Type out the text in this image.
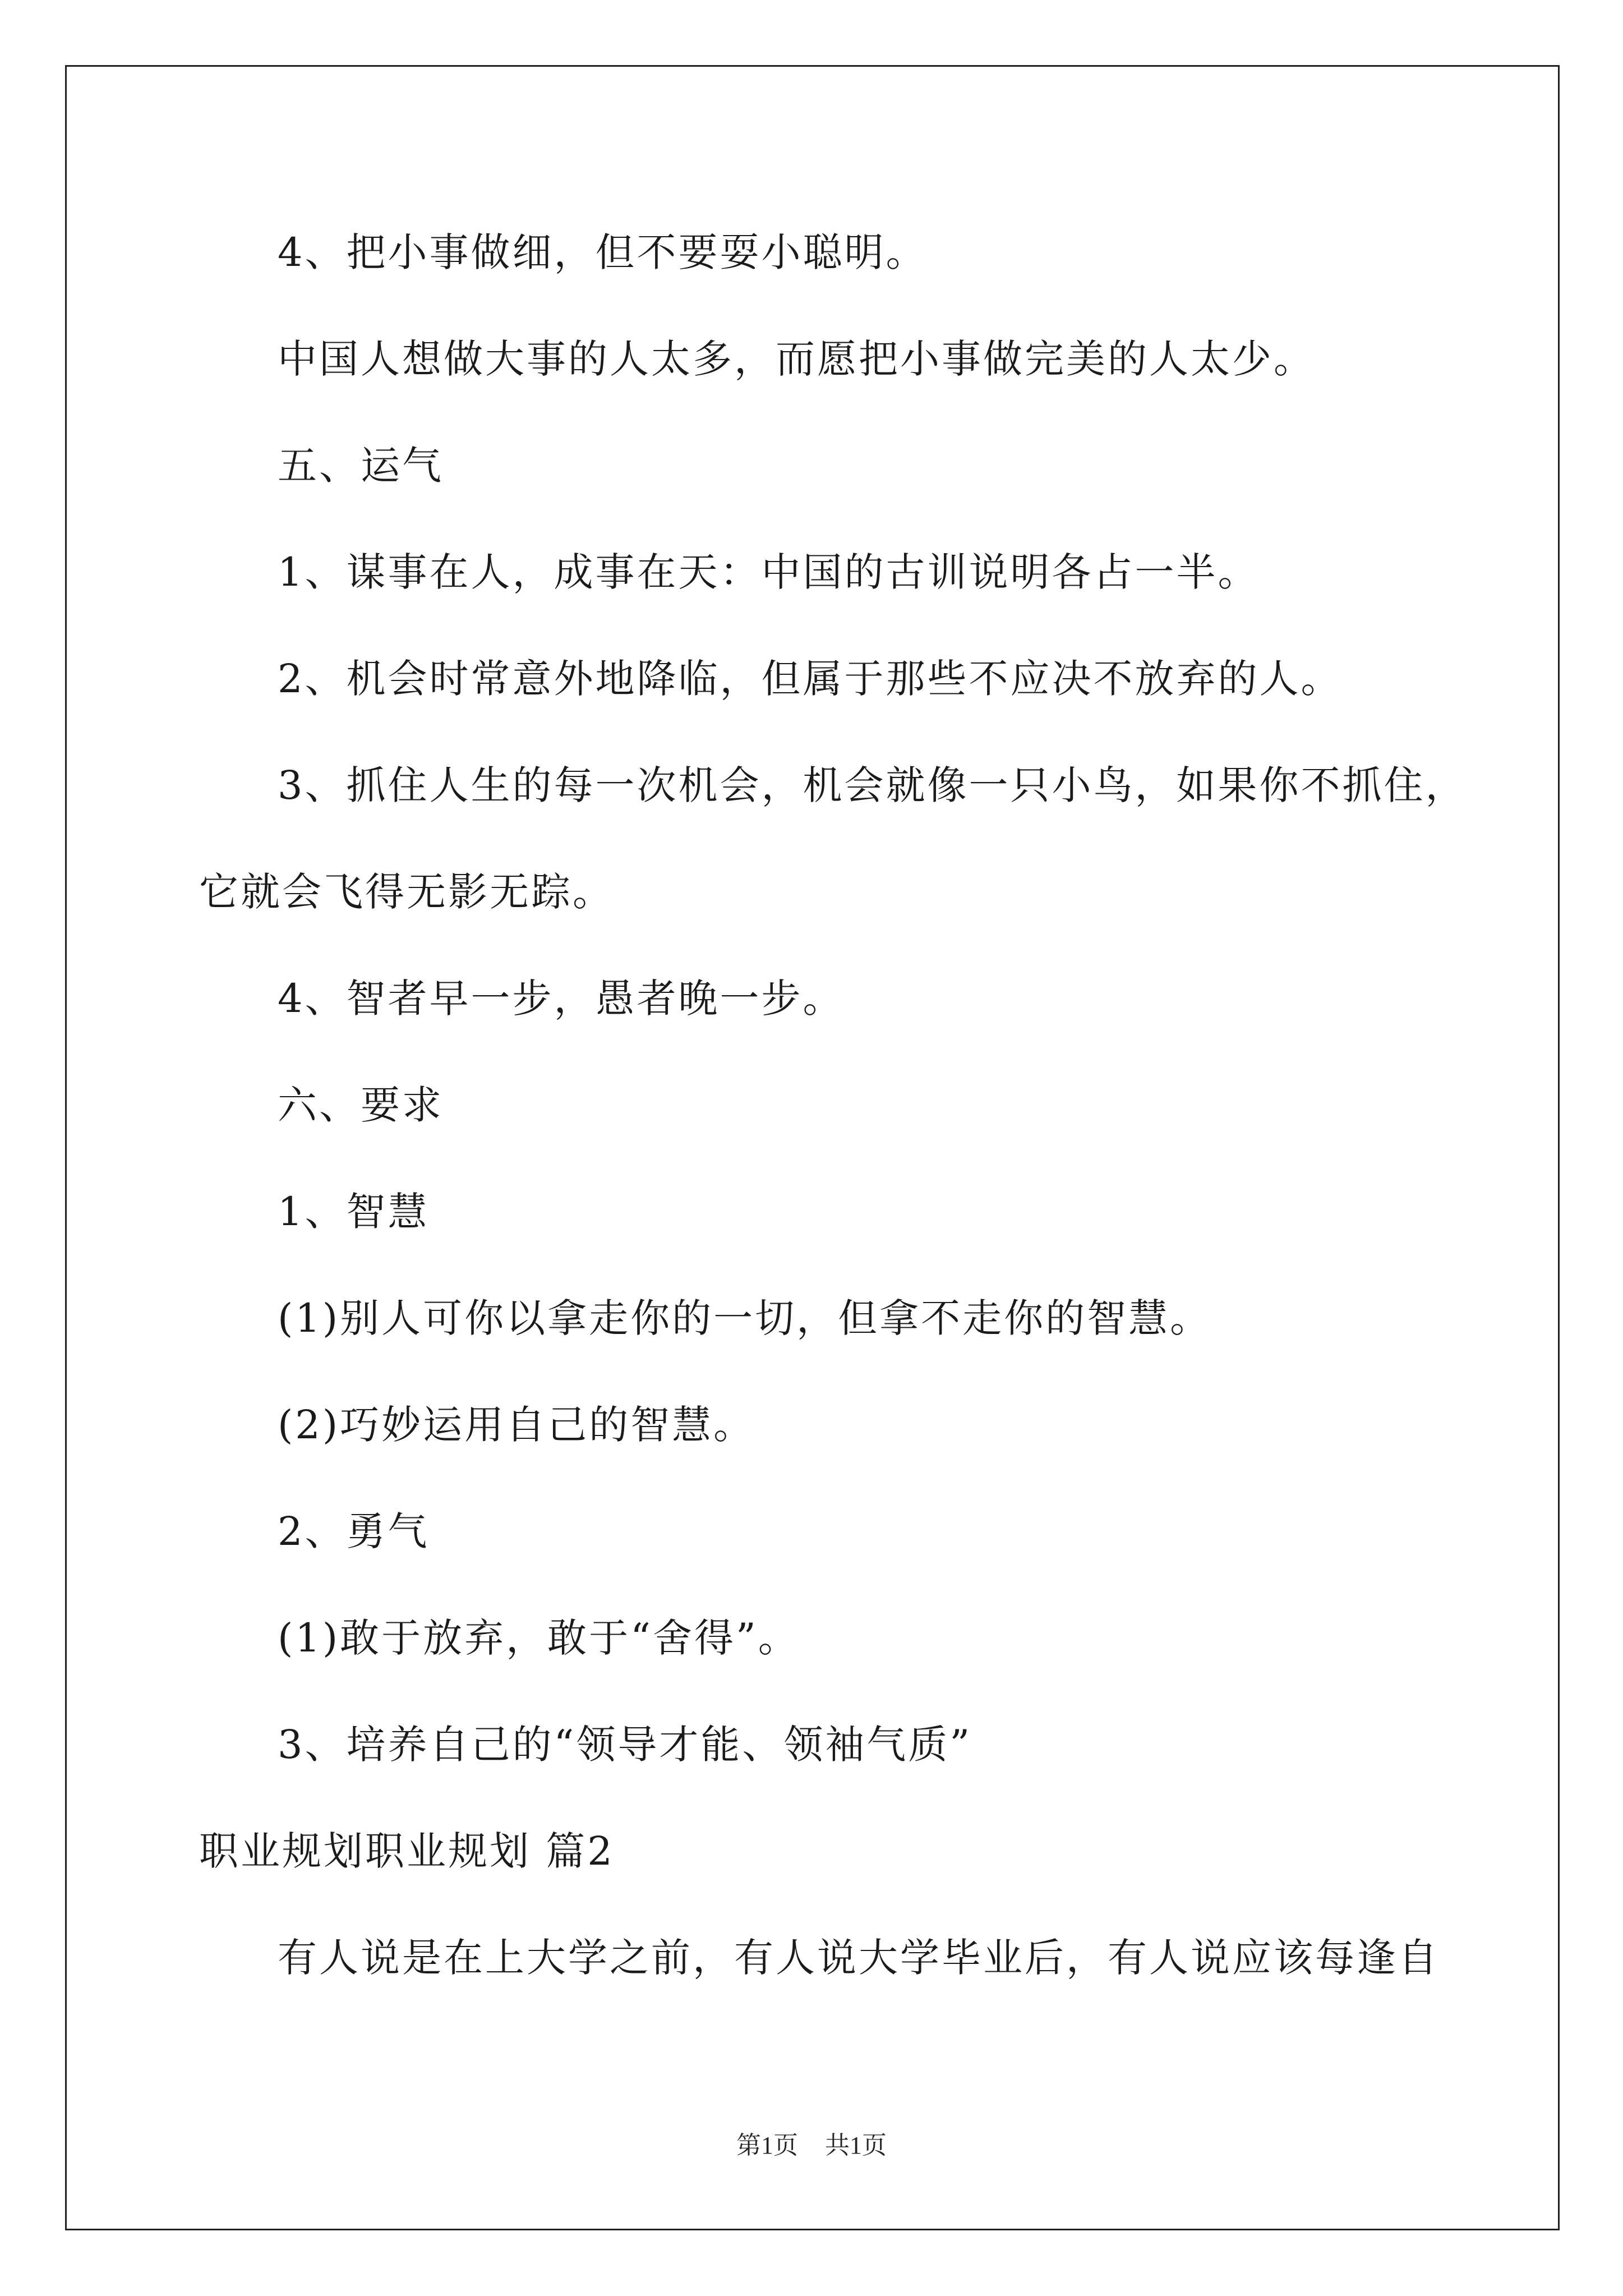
4、把小事做细，但不要耍小聪明。
中国人想做大事的人太多，而愿把小事做完美的人太少。
五、运气
1、谋事在人，成事在天：中国的古训说明各占一半。
2、机会时常意外地降临，但属于那些不应决不放弃的人。
3、抓住人生的每一次机会，机会就像一只小鸟，如果你不抓住，
它就会飞得无影无踪。
4、智者早一步，愚者晚一步。
六、要求
1、智慧
(1)别人可你以拿走你的一切，但拿不走你的智慧。
(2)巧妙运用自己的智慧。
2、勇气
(1)敢于放弃，敢于“舍得”。
3、培养自己的“领导才能、领袖气质”
职业规划职业规划 篇2
有人说是在上大学之前，有人说大学毕业后，有人说应该每逢自
第1页 共1页
